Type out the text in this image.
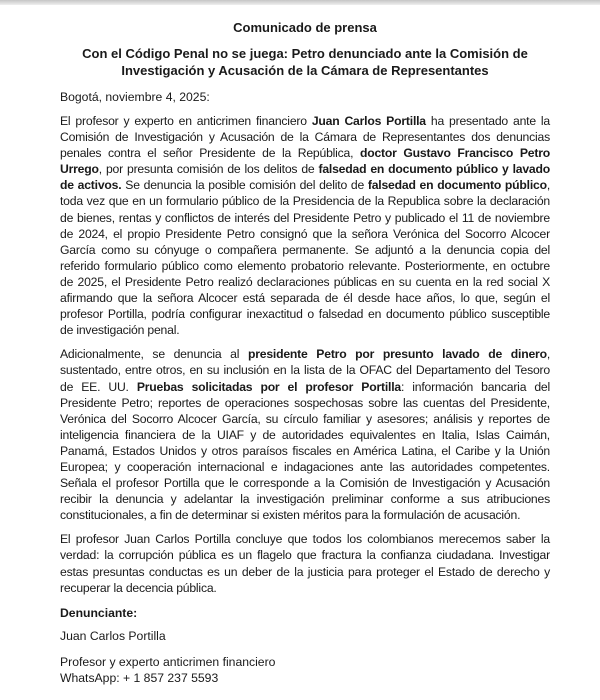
Comunicado de prensa
Con el Código Penal no se juega: Petro denunciado ante la Comisión de Investigación y Acusación de la Cámara de Representantes

Bogotá, noviembre 4, 2025:

El profesor y experto en anticrimen financiero Juan Carlos Portilla ha presentado ante la Comisión de Investigación y Acusación de la Cámara de Representantes dos denuncias penales contra el señor Presidente de la República, doctor Gustavo Francisco Petro Urrego, por presunta comisión de los delitos de falsedad en documento público y lavado de activos. Se denuncia la posible comisión del delito de falsedad en documento público, toda vez que en un formulario público de la Presidencia de la Republica sobre la declaración de bienes, rentas y conflictos de interés del Presidente Petro y publicado el 11 de noviembre de 2024, el propio Presidente Petro consignó que la señora Verónica del Socorro Alcocer García como su cónyuge o compañera permanente. Se adjuntó a la denuncia copia del referido formulario público como elemento probatorio relevante. Posteriormente, en octubre de 2025, el Presidente Petro realizó declaraciones públicas en su cuenta en la red social X afirmando que la señora Alcocer está separada de él desde hace años, lo que, según el profesor Portilla, podría configurar inexactitud o falsedad en documento público susceptible de investigación penal.

Adicionalmente, se denuncia al presidente Petro por presunto lavado de dinero, sustentado, entre otros, en su inclusión en la lista de la OFAC del Departamento del Tesoro de EE. UU. Pruebas solicitadas por el profesor Portilla: información bancaria del Presidente Petro; reportes de operaciones sospechosas sobre las cuentas del Presidente, Verónica del Socorro Alcocer García, su círculo familiar y asesores; análisis y reportes de inteligencia financiera de la UIAF y de autoridades equivalentes en Italia, Islas Caimán, Panamá, Estados Unidos y otros paraísos fiscales en América Latina, el Caribe y la Unión Europea; y cooperación internacional e indagaciones ante las autoridades competentes. Señala el profesor Portilla que le corresponde a la Comisión de Investigación y Acusación recibir la denuncia y adelantar la investigación preliminar conforme a sus atribuciones constitucionales, a fin de determinar si existen méritos para la formulación de acusación.

El profesor Juan Carlos Portilla concluye que todos los colombianos merecemos saber la verdad: la corrupción pública es un flagelo que fractura la confianza ciudadana. Investigar estas presuntas conductas es un deber de la justicia para proteger el Estado de derecho y recuperar la decencia pública.

Denunciante:

Juan Carlos Portilla

Profesor y experto anticrimen financiero

WhatsApp: + 1 857 237 5593
